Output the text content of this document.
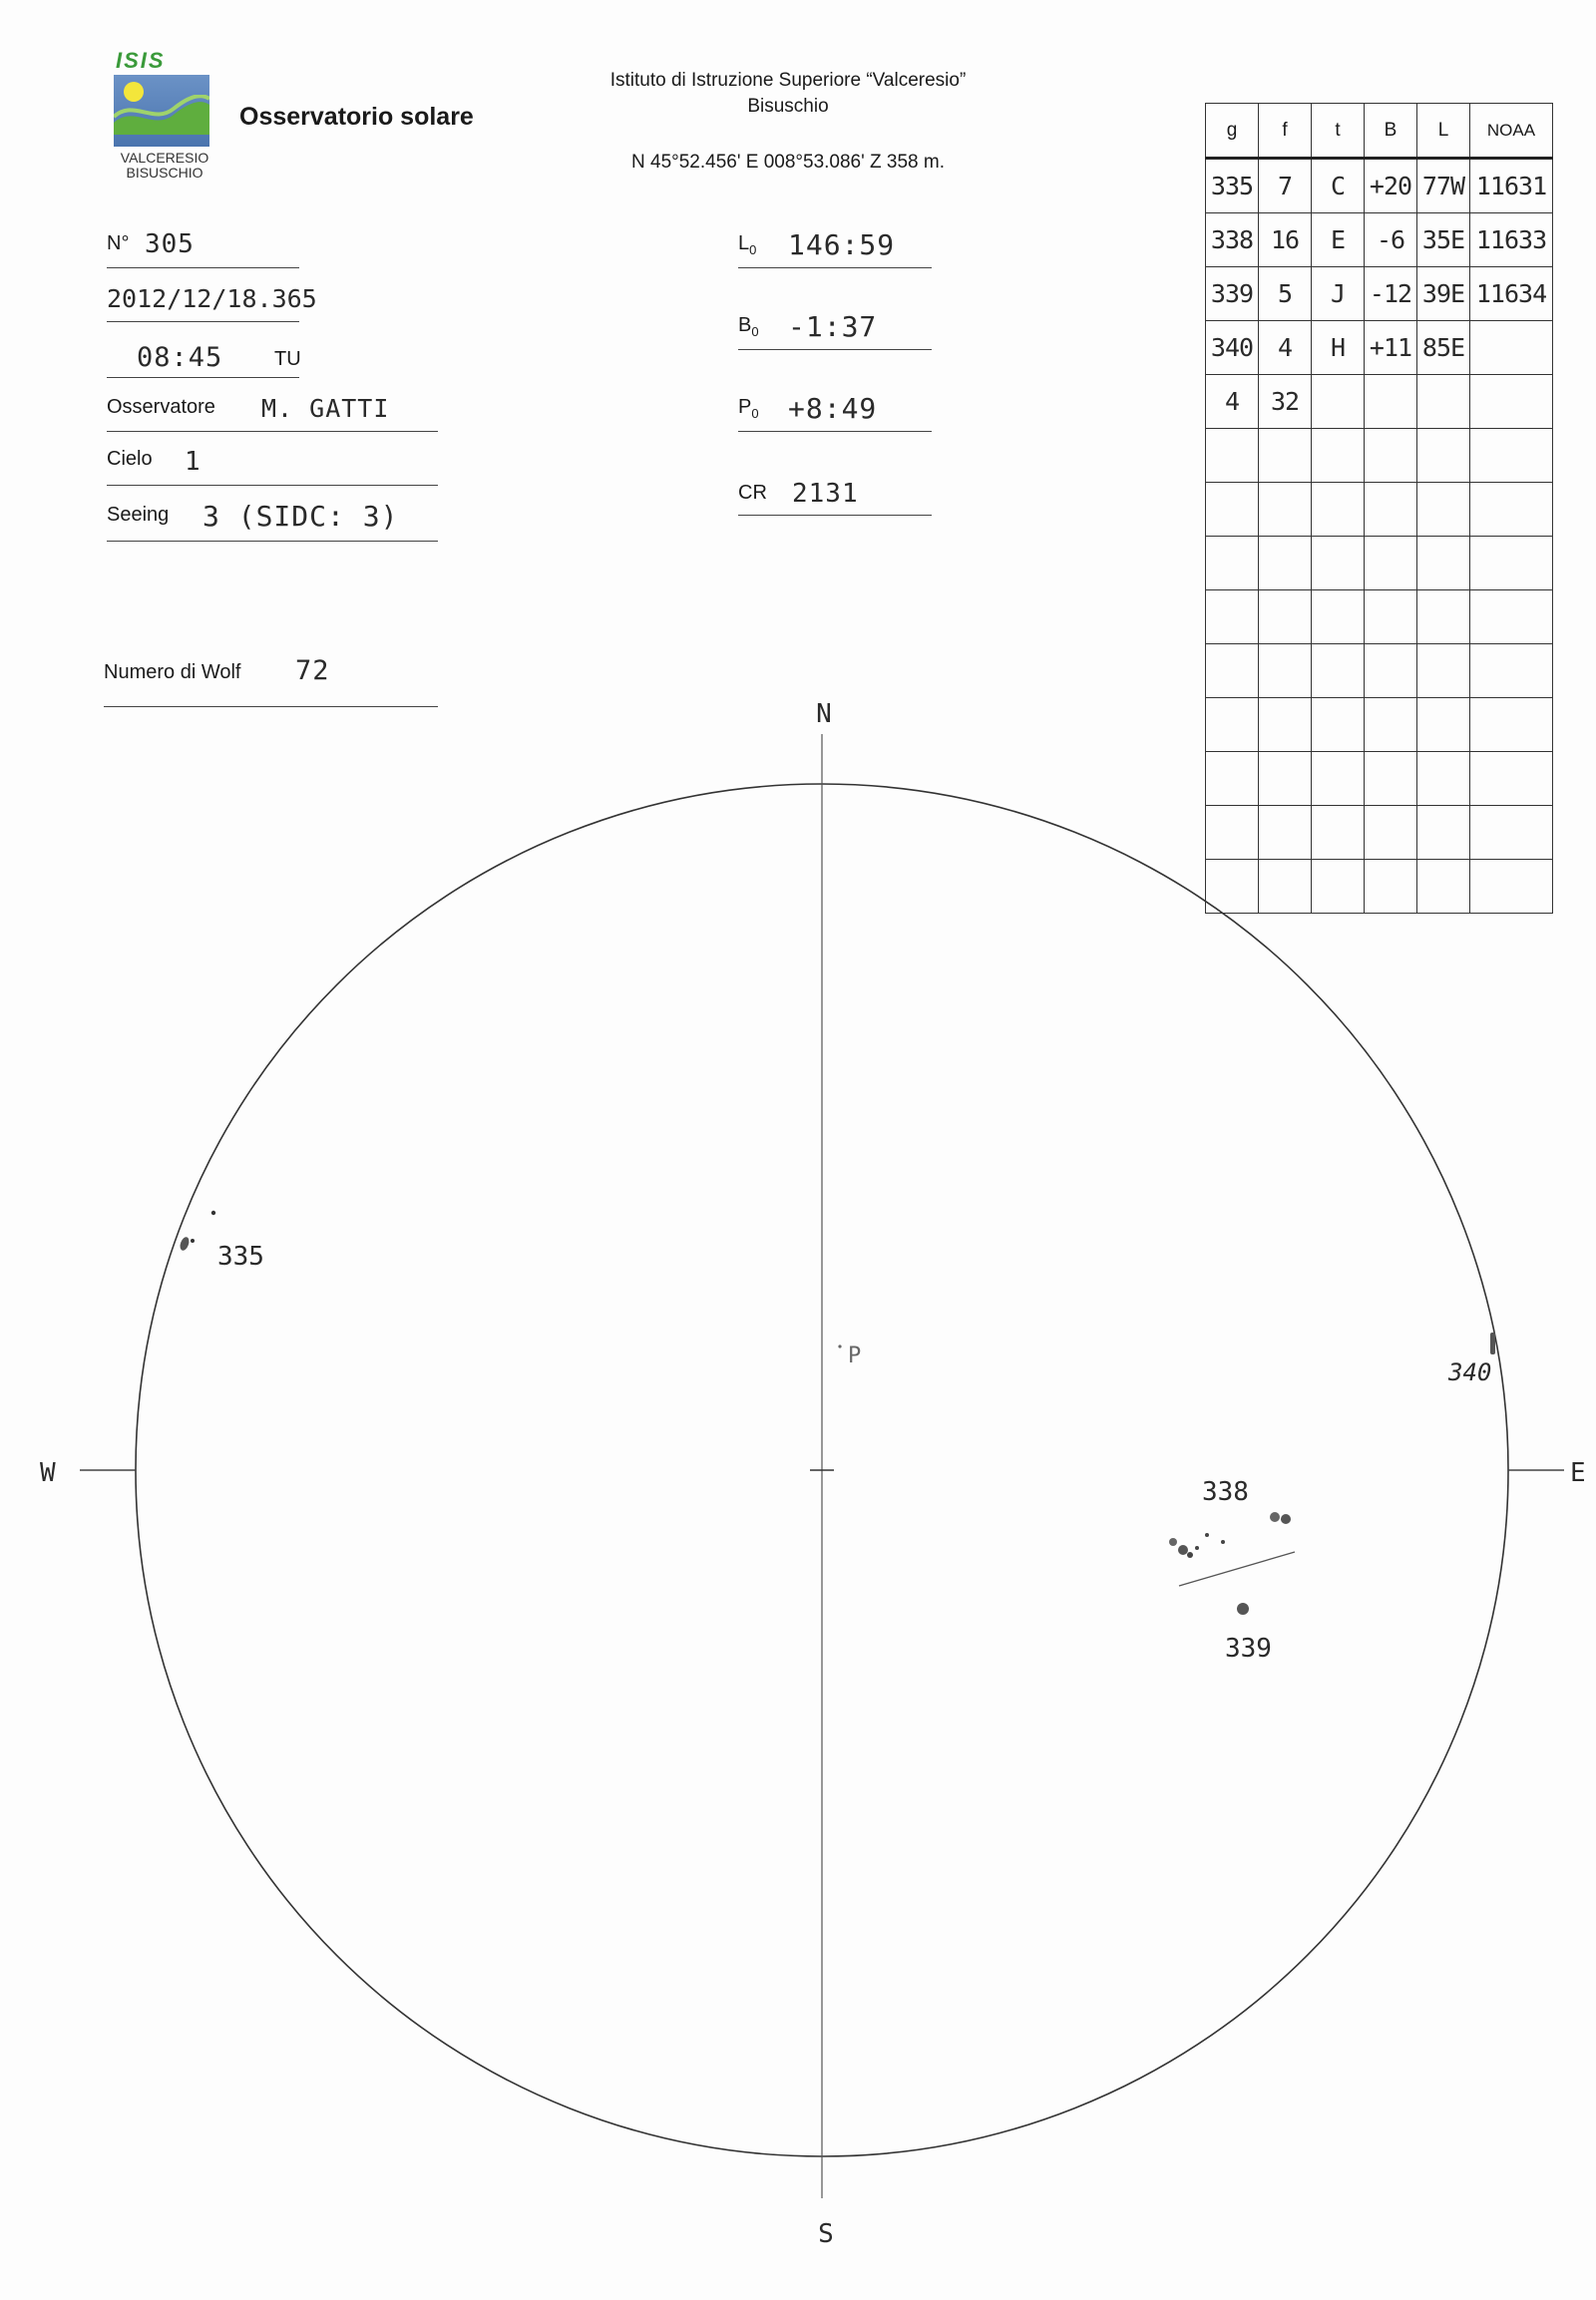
ISIS
VALCERESIO
BISUSCHIO
Osservatorio solare
Istituto di Istruzione Superiore “Valceresio”
Bisuschio
N 45°52.456' E 008°53.086' Z 358 m.
N° 305
2012/12/18.365
08:45	TU
Osservatore M. GATTI
Cielo 1
Seeing 3 (SIDC: 3)
Numero di Wolf 72
$L_0$ 146:59
$B_0$ -1:37
$P_0$ +8:49
CR 2131
g	f	t	B	L	NOAA
335	7	C	+20	77W	11631
338	16	E	-6	35E	11633
339	5	J	-12	39E	11634
340	4	H	+11	85E	
4	32				

N
S
W	E
P
335
340
338
339
